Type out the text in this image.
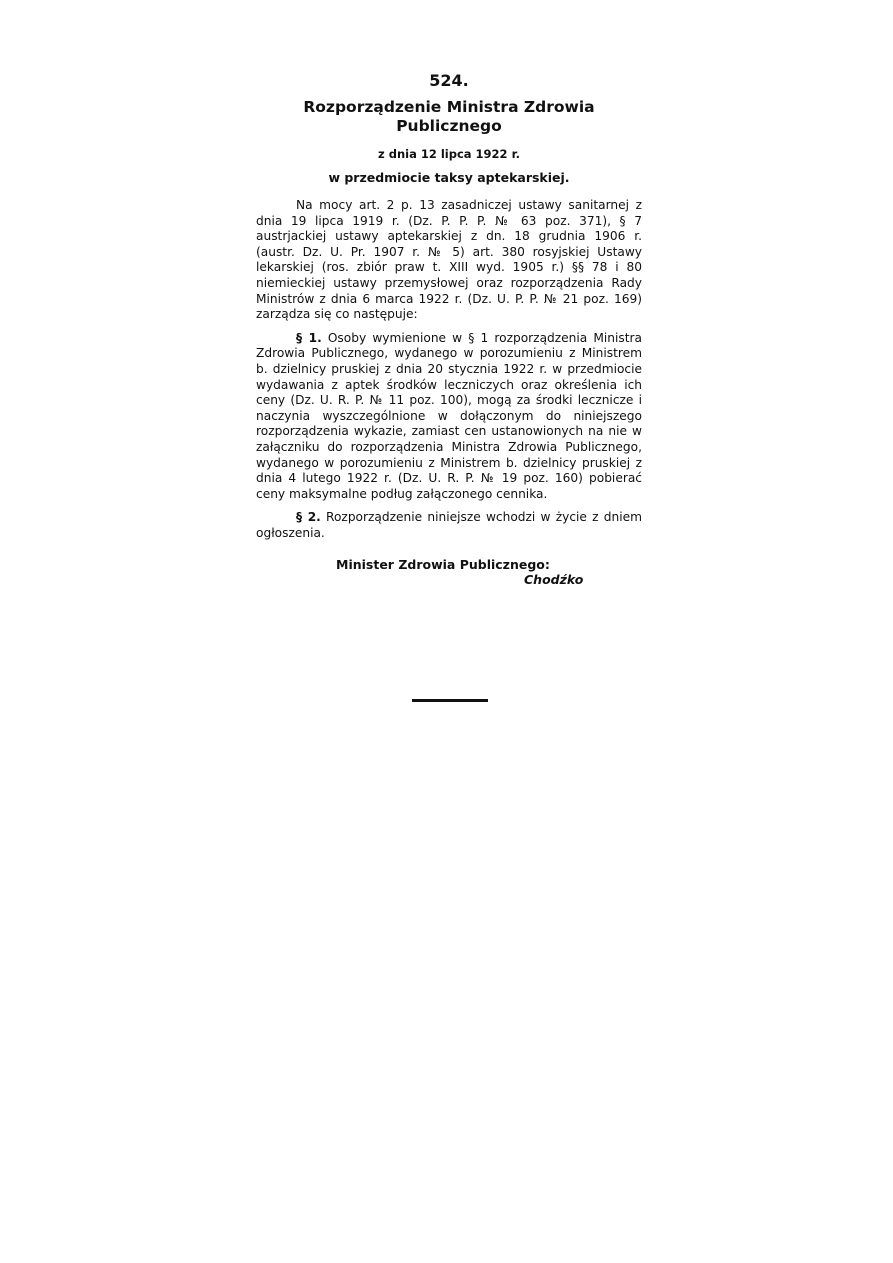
524.
Rozporządzenie Ministra Zdrowia
Publicznego
z dnia 12 lipca 1922 r.
w przedmiocie taksy aptekarskiej.

Na mocy art. 2 p. 13 zasadniczej ustawy sanitarnej z dnia 19 lipca 1919 r. (Dz. P. P. P. № 63 poz. 371), § 7 austrjackiej ustawy aptekarskiej z dn. 18 grudnia 1906 r. (austr. Dz. U. Pr. 1907 r. № 5) art. 380 rosyjskiej Ustawy lekarskiej (ros. zbiór praw t. XIII wyd. 1905 r.) §§ 78 i 80 niemieckiej ustawy przemysłowej oraz rozporządzenia Rady Ministrów z dnia 6 marca 1922 r. (Dz. U. P. P. № 21 poz. 169) zarządza się co następuje:

§ 1. Osoby wymienione w § 1 rozporządzenia Ministra Zdrowia Publicznego, wydanego w porozumieniu z Ministrem b. dzielnicy pruskiej z dnia 20 stycznia 1922 r. w przedmiocie wydawania z aptek środków leczniczych oraz określenia ich ceny (Dz. U. R. P. № 11 poz. 100), mogą za środki lecznicze i naczynia wyszczególnione w dołączonym do niniejszego rozporządzenia wykazie, zamiast cen ustanowionych na nie w załączniku do rozporządzenia Ministra Zdrowia Publicznego, wydanego w porozumieniu z Ministrem b. dzielnicy pruskiej z dnia 4 lutego 1922 r. (Dz. U. R. P. № 19 poz. 160) pobierać ceny maksymalne podług załączonego cennika.

§ 2. Rozporządzenie niniejsze wchodzi w życie z dniem ogłoszenia.

Minister Zdrowia Publicznego:
Chodźko
